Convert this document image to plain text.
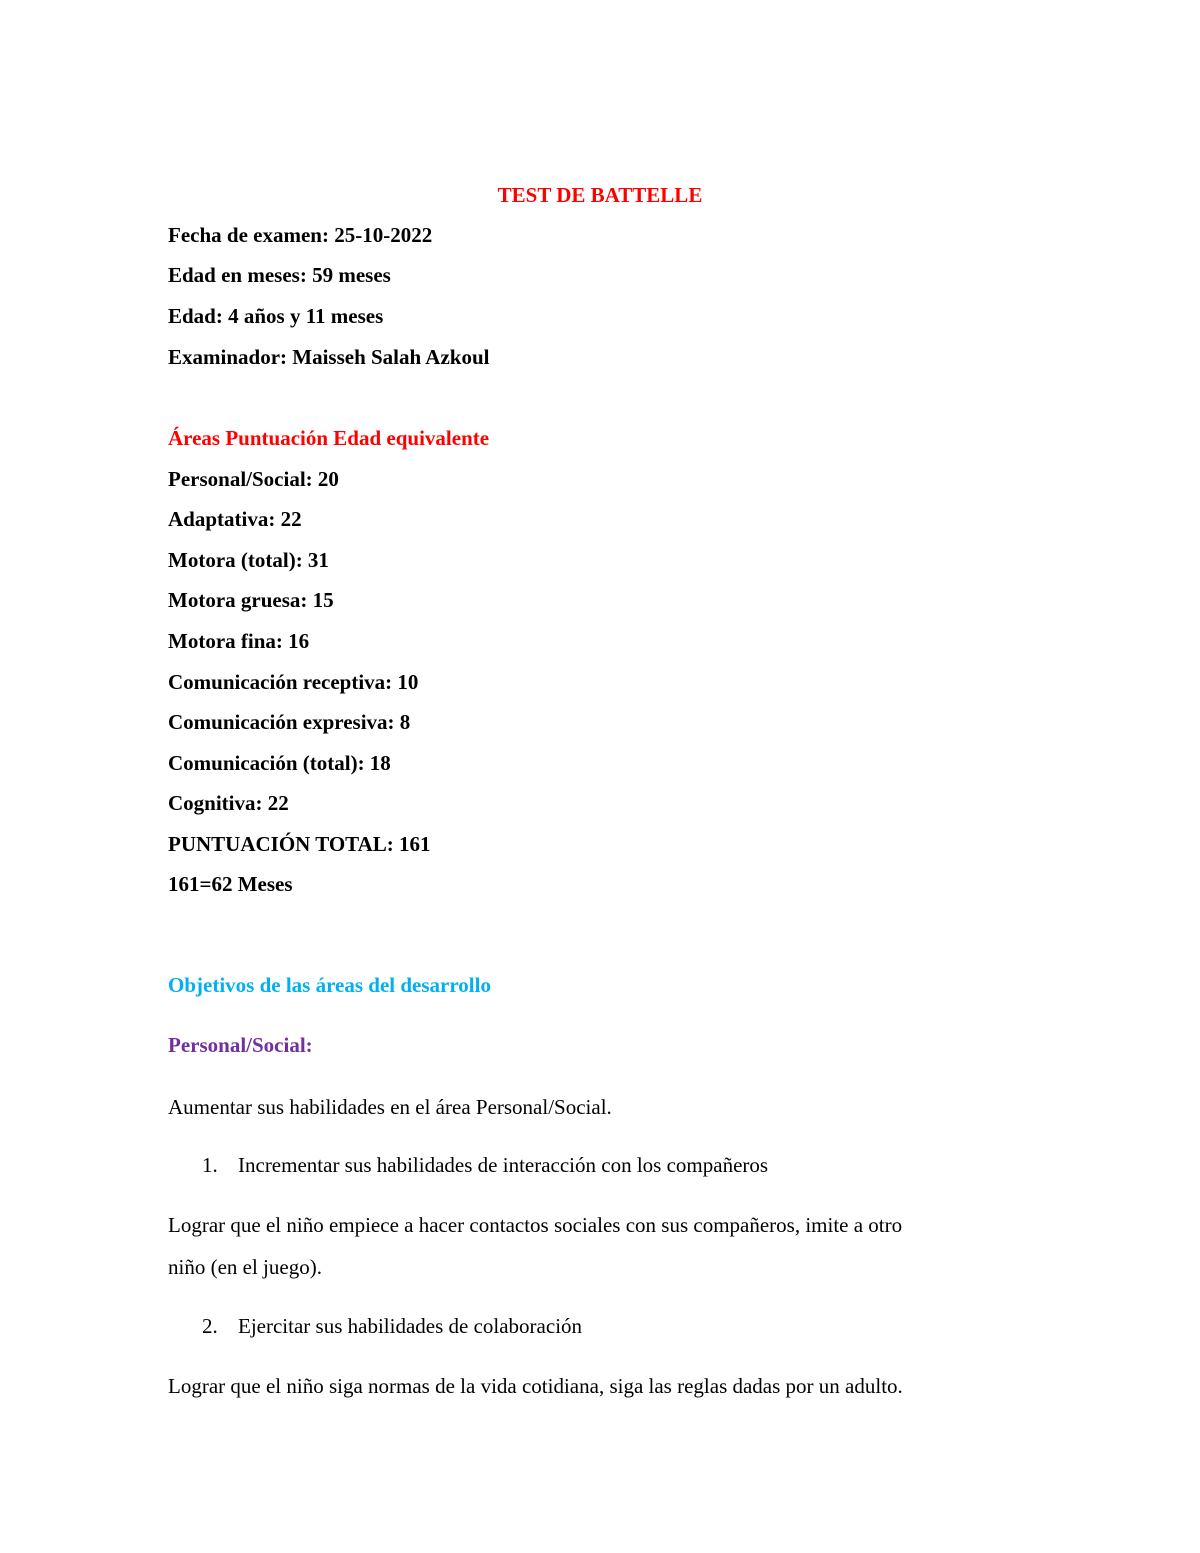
TEST DE BATTELLE
Fecha de examen: 25-10-2022
Edad en meses: 59 meses
Edad: 4 años y 11 meses
Examinador: Maisseh Salah Azkoul
Áreas Puntuación Edad equivalente
Personal/Social: 20
Adaptativa: 22
Motora (total): 31
Motora gruesa: 15
Motora fina: 16
Comunicación receptiva: 10
Comunicación expresiva: 8
Comunicación (total): 18
Cognitiva: 22
PUNTUACIÓN TOTAL: 161
161=62 Meses
Objetivos de las áreas del desarrollo
Personal/Social:
Aumentar sus habilidades en el área Personal/Social.
1. Incrementar sus habilidades de interacción con los compañeros
Lograr que el niño empiece a hacer contactos sociales con sus compañeros, imite a otro
niño (en el juego).
2. Ejercitar sus habilidades de colaboración
Lograr que el niño siga normas de la vida cotidiana, siga las reglas dadas por un adulto.
